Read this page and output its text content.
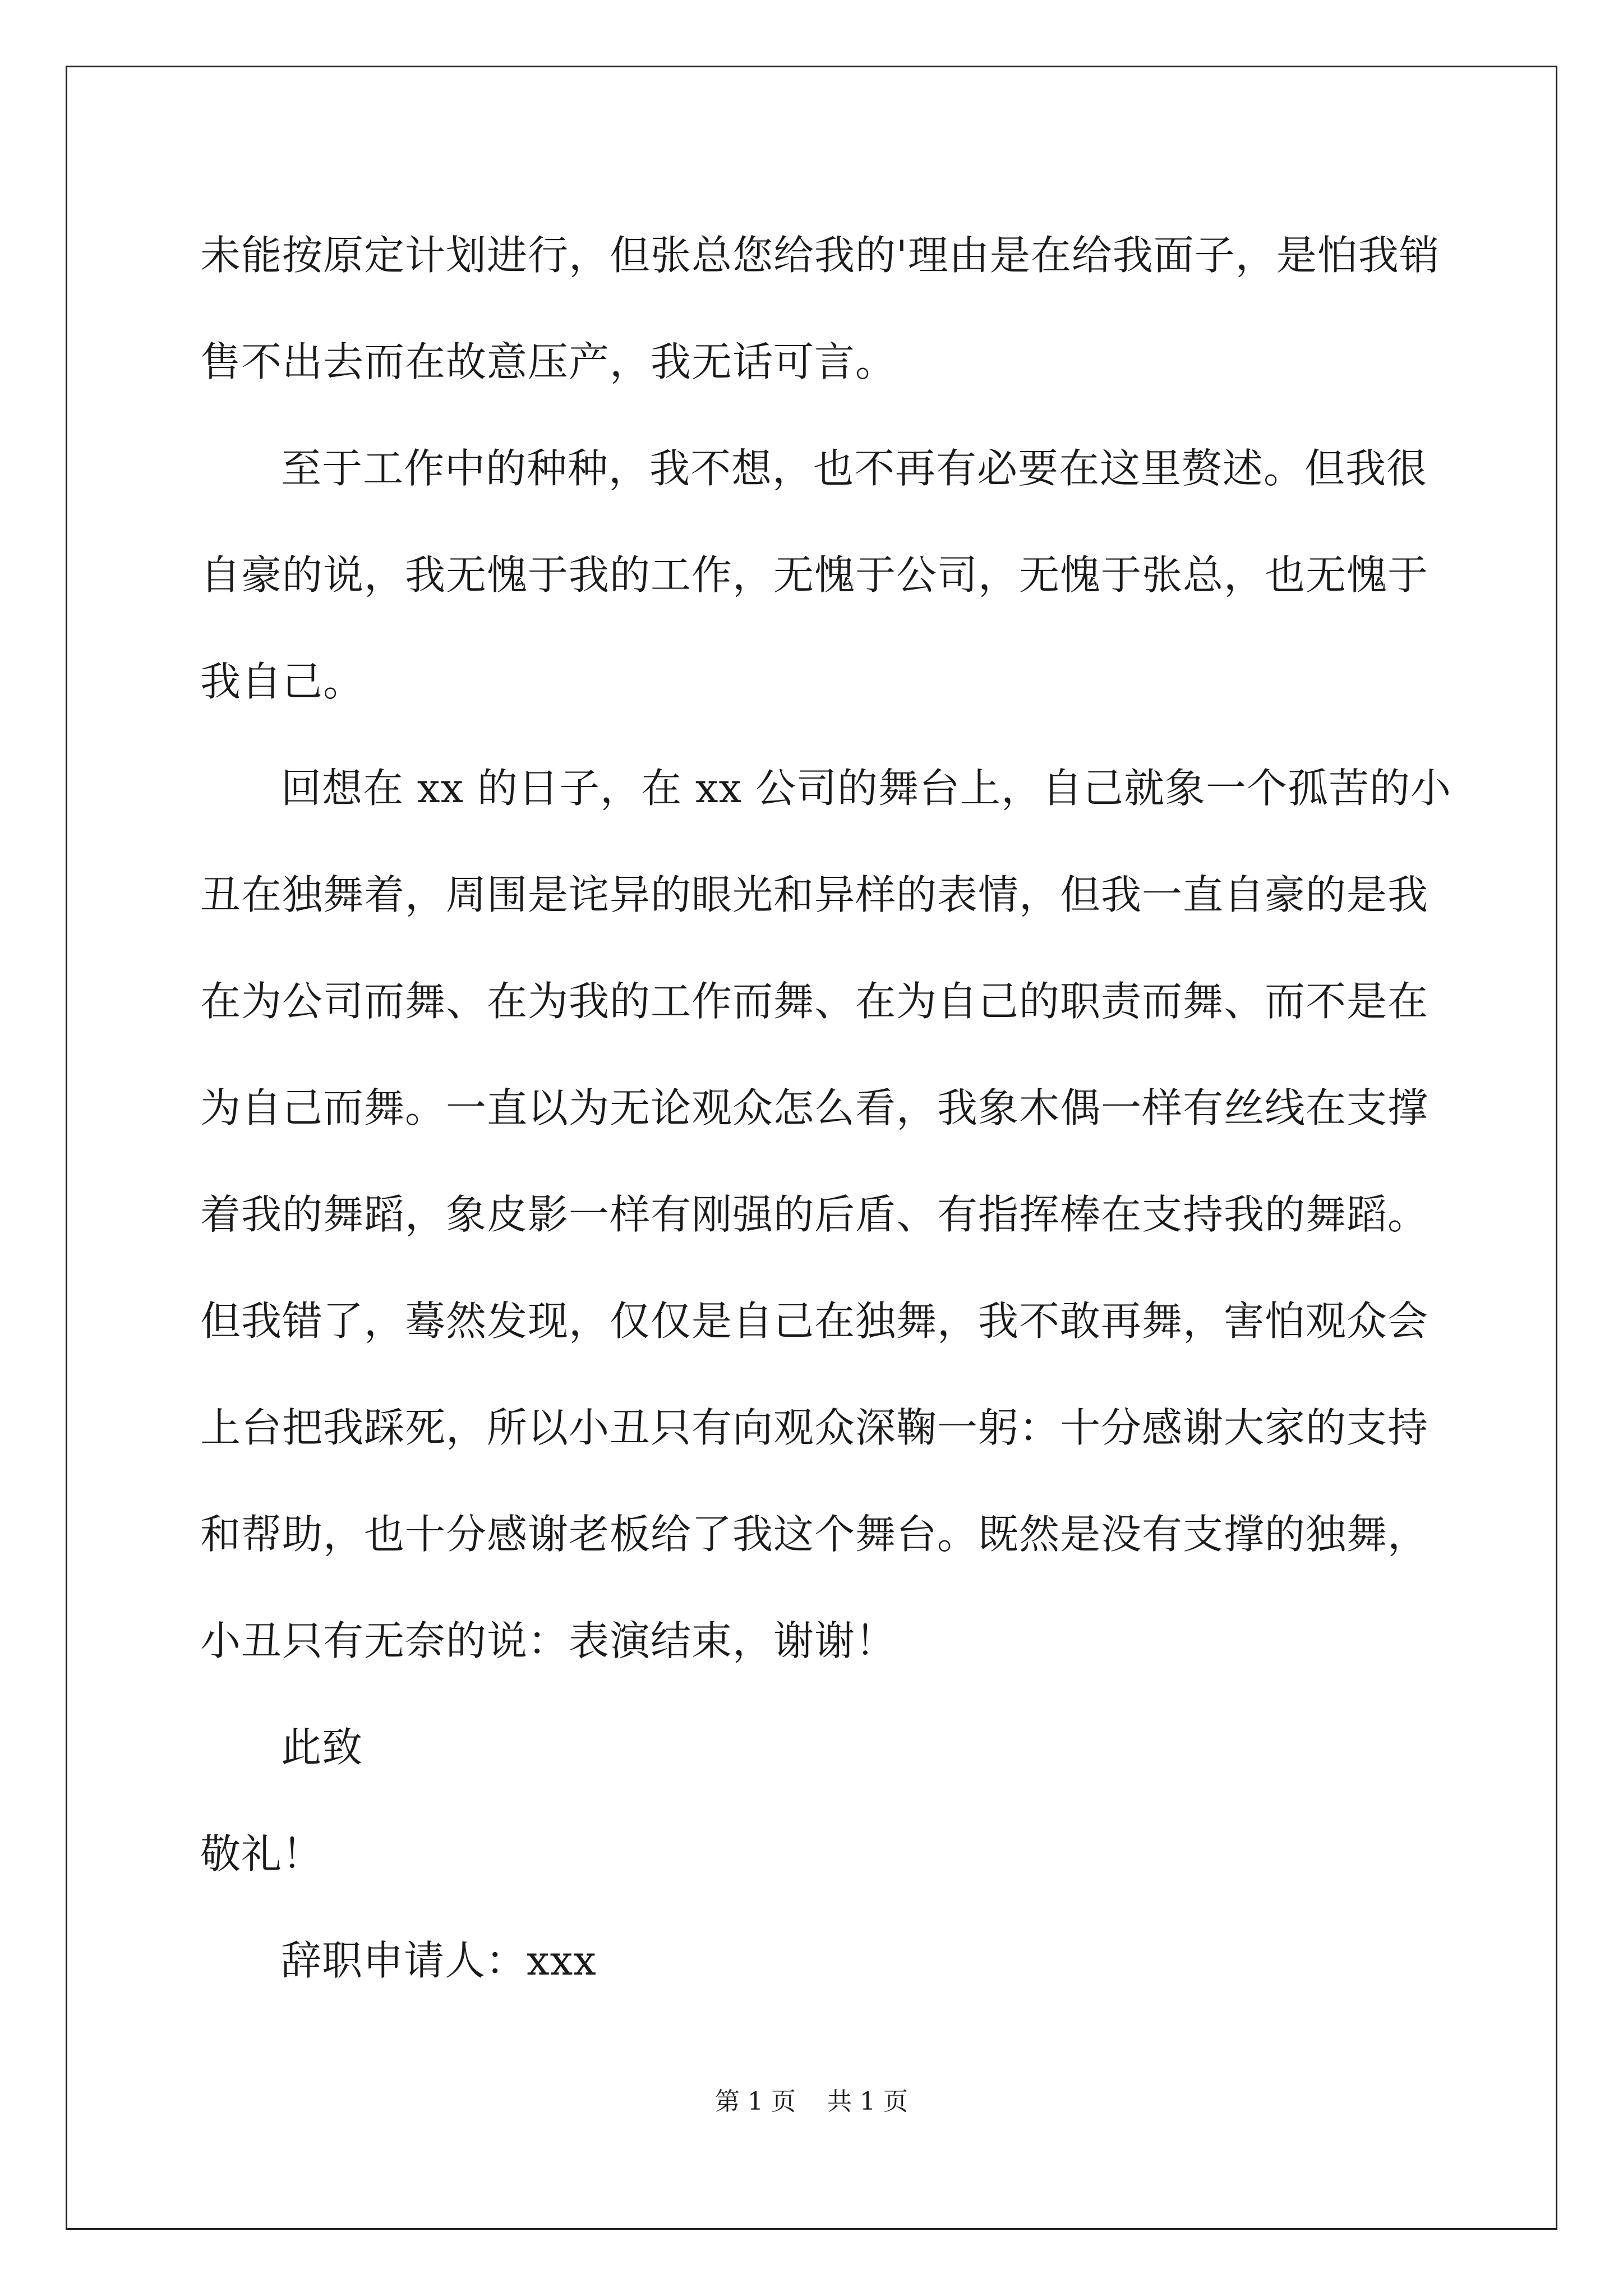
未能按原定计划进行，但张总您给我的'理由是在给我面子，是怕我销
售不出去而在故意压产，我无话可言。
至于工作中的种种，我不想，也不再有必要在这里赘述。但我很
自豪的说，我无愧于我的工作，无愧于公司，无愧于张总，也无愧于
我自己。
回想在 xx 的日子，在 xx 公司的舞台上，自己就象一个孤苦的小
丑在独舞着，周围是诧异的眼光和异样的表情，但我一直自豪的是我
在为公司而舞、在为我的工作而舞、在为自己的职责而舞、而不是在
为自己而舞。一直以为无论观众怎么看，我象木偶一样有丝线在支撑
着我的舞蹈，象皮影一样有刚强的后盾、有指挥棒在支持我的舞蹈。
但我错了，蓦然发现，仅仅是自己在独舞，我不敢再舞，害怕观众会
上台把我踩死，所以小丑只有向观众深鞠一躬：十分感谢大家的支持
和帮助，也十分感谢老板给了我这个舞台。既然是没有支撑的独舞，
小丑只有无奈的说：表演结束，谢谢！
此致
敬礼！
辞职申请人：xxx
第 1 页 共 1 页
